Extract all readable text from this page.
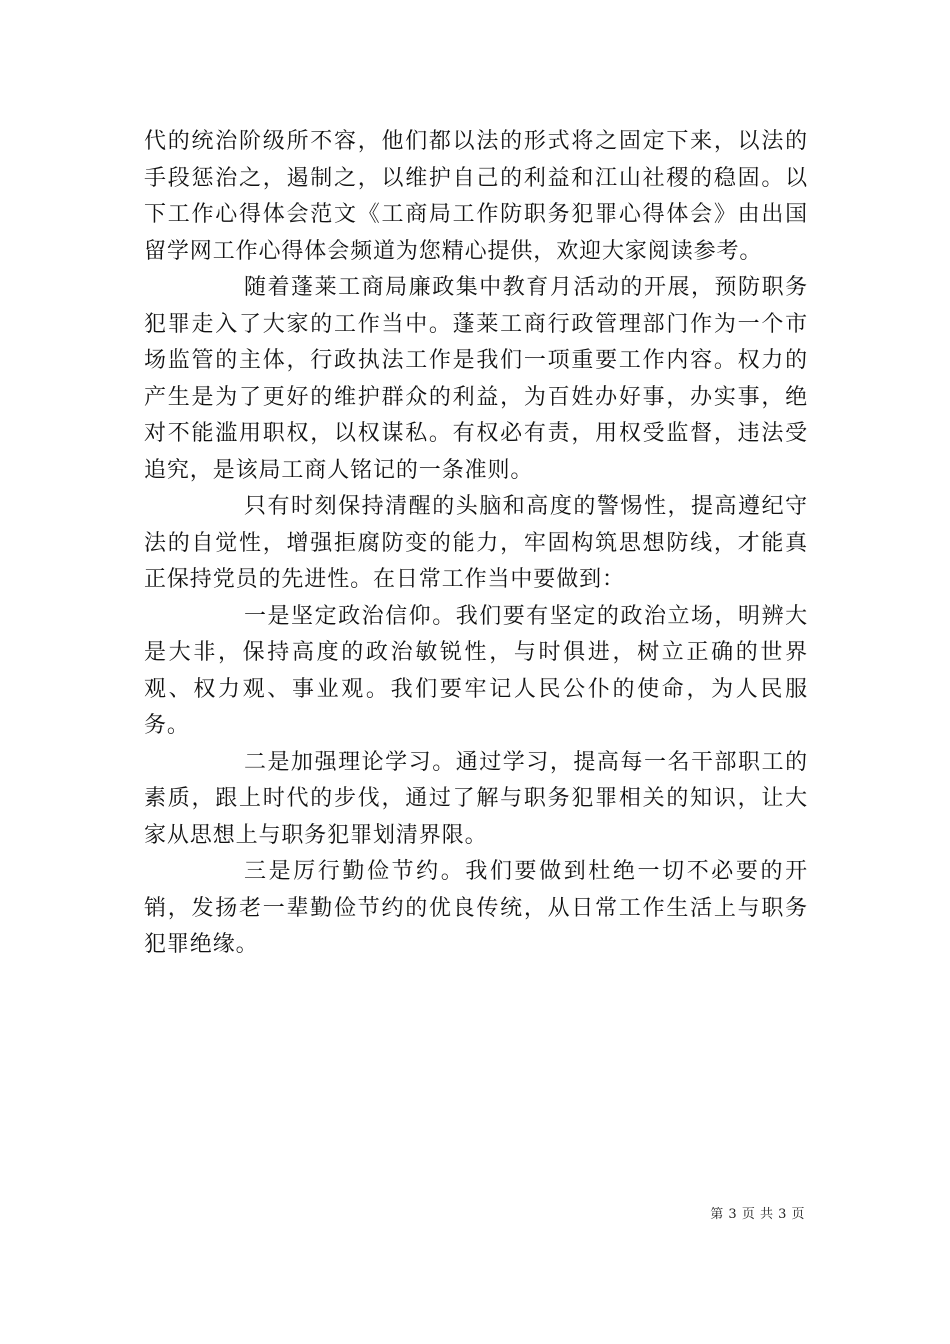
代的统治阶级所不容，他们都以法的形式将之固定下来，以法的手段惩治之，遏制之，以维护自己的利益和江山社稷的稳固。以下工作心得体会范文《工商局工作防职务犯罪心得体会》由出国留学网工作心得体会频道为您精心提供，欢迎大家阅读参考。

随着蓬莱工商局廉政集中教育月活动的开展，预防职务犯罪走入了大家的工作当中。蓬莱工商行政管理部门作为一个市场监管的主体，行政执法工作是我们一项重要工作内容。权力的产生是为了更好的维护群众的利益，为百姓办好事，办实事，绝对不能滥用职权，以权谋私。有权必有责，用权受监督，违法受追究，是该局工商人铭记的一条准则。

只有时刻保持清醒的头脑和高度的警惕性，提高遵纪守法的自觉性，增强拒腐防变的能力，牢固构筑思想防线，才能真正保持党员的先进性。在日常工作当中要做到：

一是坚定政治信仰。我们要有坚定的政治立场，明辨大是大非，保持高度的政治敏锐性，与时俱进，树立正确的世界观、权力观、事业观。我们要牢记人民公仆的使命，为人民服务。

二是加强理论学习。通过学习，提高每一名干部职工的素质，跟上时代的步伐，通过了解与职务犯罪相关的知识，让大家从思想上与职务犯罪划清界限。

三是厉行勤俭节约。我们要做到杜绝一切不必要的开销，发扬老一辈勤俭节约的优良传统，从日常工作生活上与职务犯罪绝缘。

第 3 页 共 3 页
